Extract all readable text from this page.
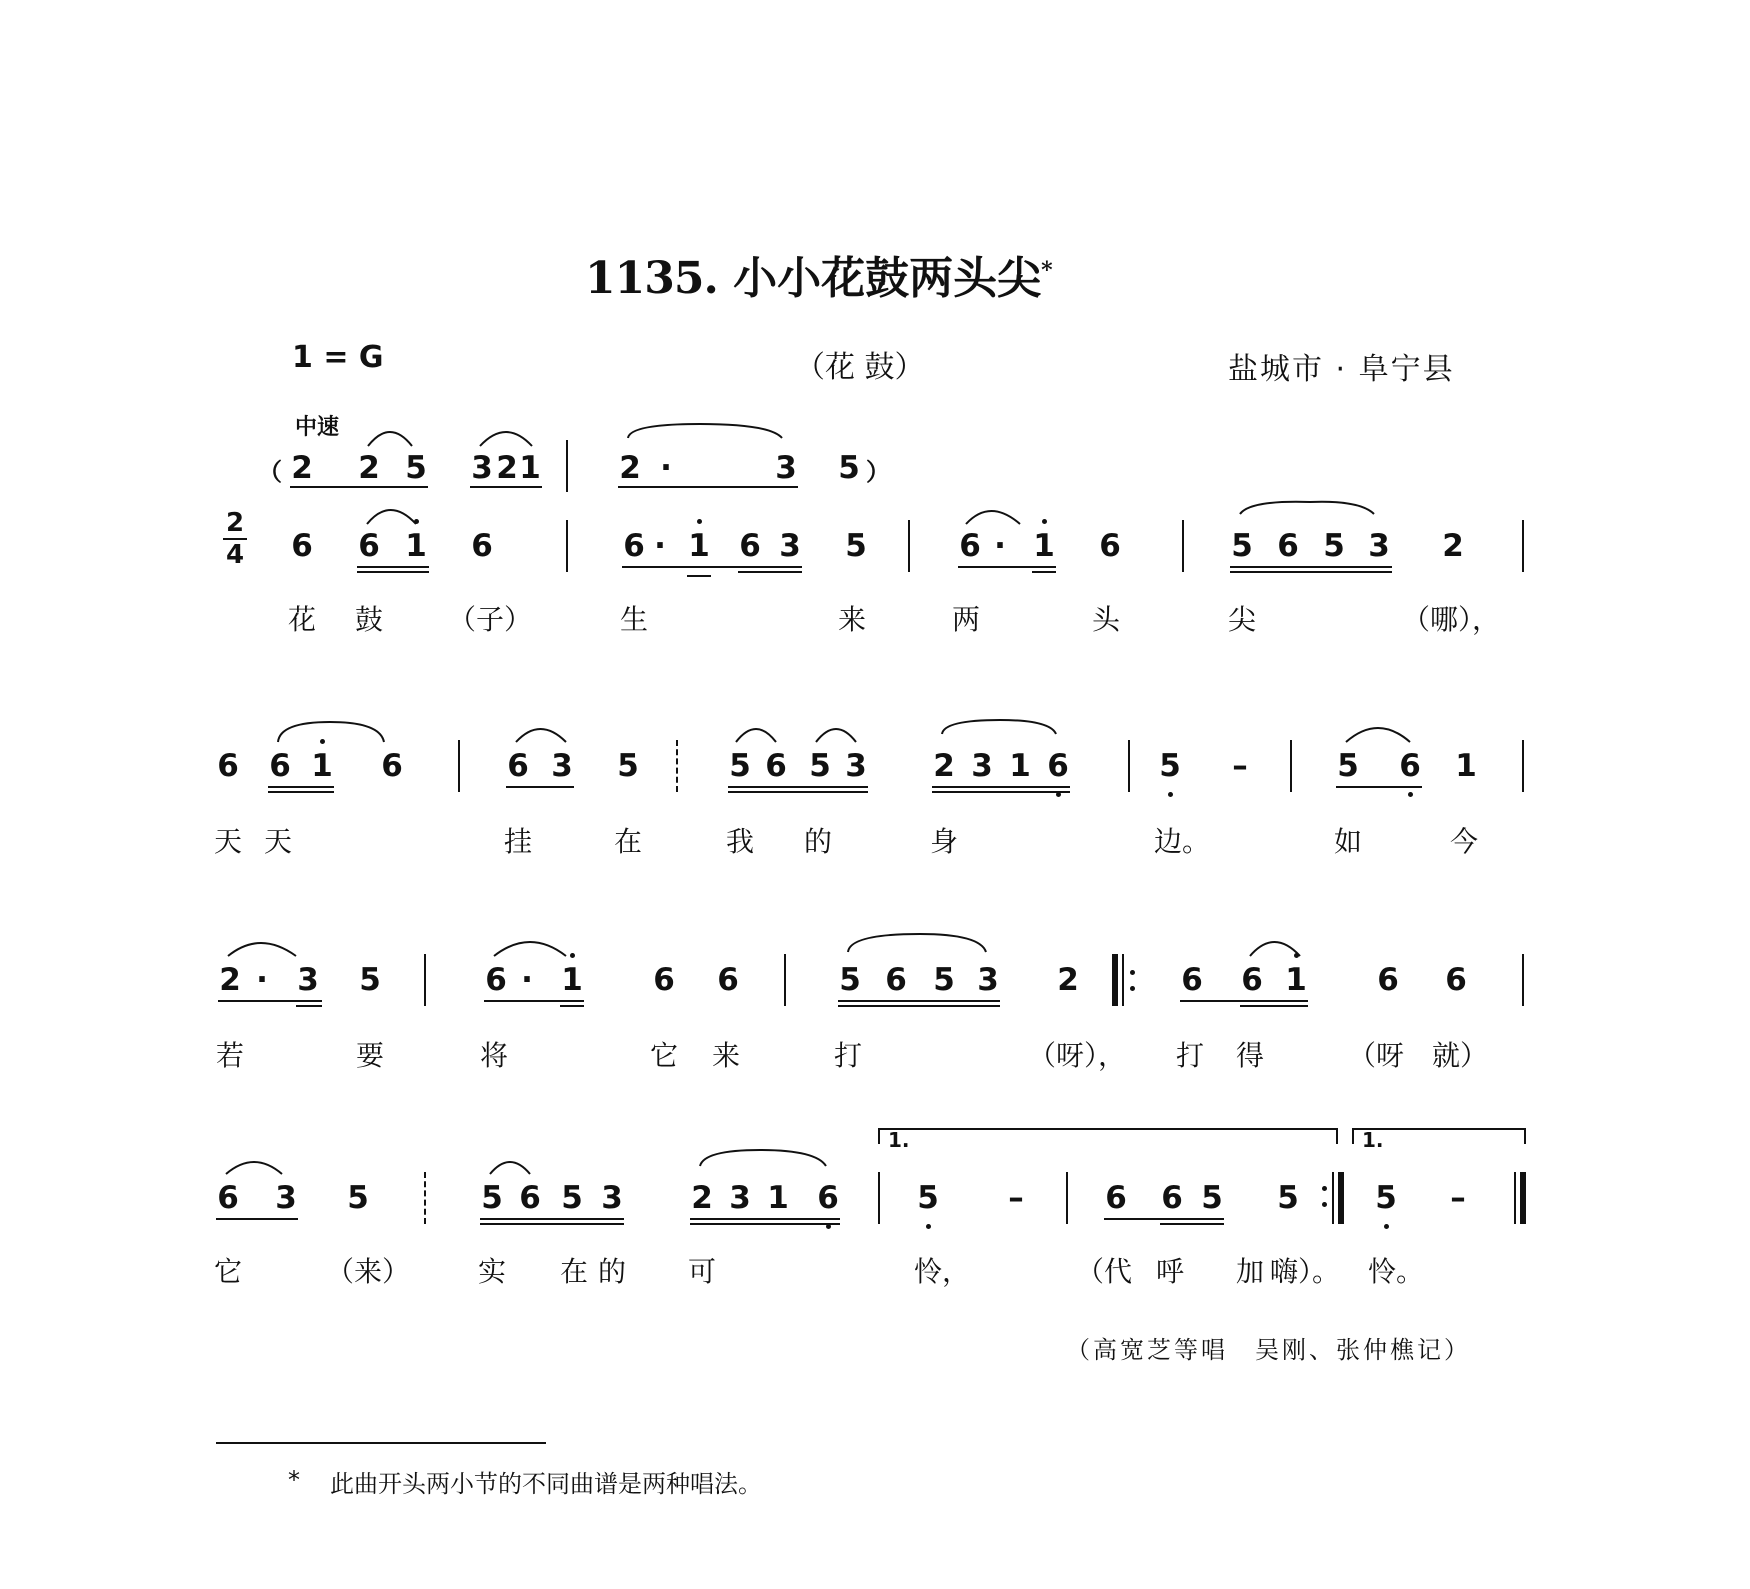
1135. 小小花鼓两头尖*
1 = G	（花 鼓）	盐城市 · 阜宁县
中速
2
4
（ 2 2 5 3 2 1	2 ·	3 5 ）
6 6 1 6	6 · 1 6 3 5	6 · 1 6	5 6 5 3 2
花 鼓 （子）	生	来	两	头	尖	（哪），
6 6 1 6	6 3 5	5 6 5 3 2 3 1 6	5 –	5 6 1
天 天	挂	在	我 的	身	边。	如	今
2 · 3 5	6 · 1 6 6	5 6 5 3 2	6 6 1 6 6
若	要	将	它 来	打	（呀）， 打 得	（呀 就）
1.	1.
6 3 5	5 6 5 3 2 3 1 6	5 –	6 6 5 5 5 –
它	（来） 实 在 的 可	怜，	（代 呼 加 嗨）。 怜。
（高宽芝等唱　吴刚、张仲樵记）
* 此曲开头两小节的不同曲谱是两种唱法。
